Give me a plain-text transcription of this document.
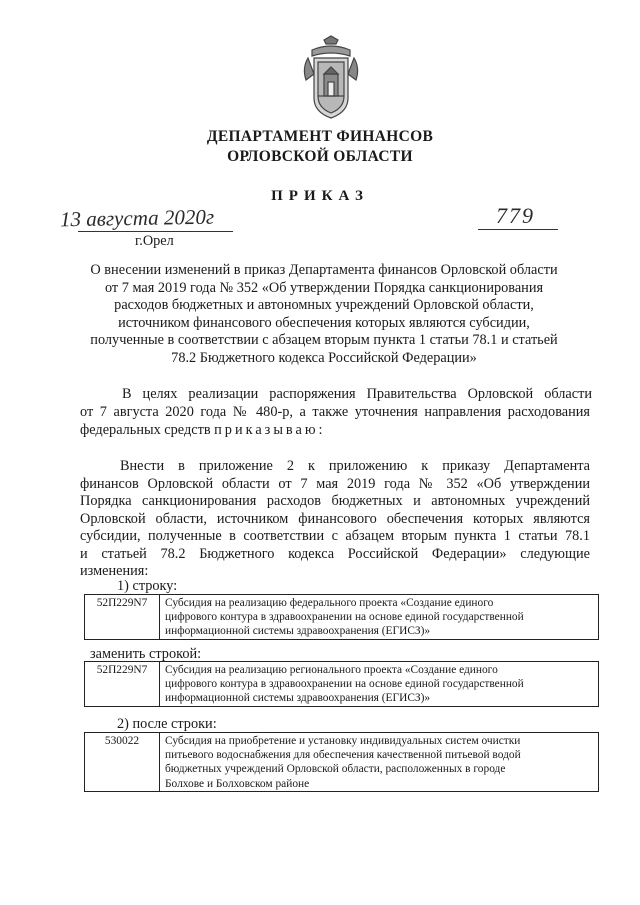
ДЕПАРТАМЕНТ ФИНАНСОВ
ОРЛОВСКОЙ ОБЛАСТИ
ПРИКАЗ
13 августа 2020г	779
г.Орел
О внесении изменений в приказ Департамента финансов Орловской области
от 7 мая 2019 года № 352 «Об утверждении Порядка санкционирования
расходов бюджетных и автономных учреждений Орловской области,
источником финансового обеспечения которых являются субсидии,
полученные в соответствии с абзацем вторым пункта 1 статьи 78.1 и статьей
78.2 Бюджетного кодекса Российской Федерации»
В целях реализации распоряжения Правительства Орловской области
от 7 августа 2020 года № 480-р, а также уточнения направления расходования
федеральных средств приказываю:
Внести в приложение 2 к приложению к приказу Департамента
финансов Орловской области от 7 мая 2019 года № 352 «Об утверждении
Порядка санкционирования расходов бюджетных и автономных учреждений
Орловской области, источником финансового обеспечения которых являются
субсидии, полученные в соответствии с абзацем вторым пункта 1 статьи 78.1
и статьей 78.2 Бюджетного кодекса Российской Федерации» следующие
изменения:
1) строку:
52П229N7	Субсидия на реализацию федерального проекта «Создание единого
цифрового контура в здравоохранении на основе единой государственной
информационной системы здравоохранения (ЕГИСЗ)»
заменить строкой:
52П229N7	Субсидия на реализацию регионального проекта «Создание единого
цифрового контура в здравоохранении на основе единой государственной
информационной системы здравоохранения (ЕГИСЗ)»
2) после строки:
530022	Субсидия на приобретение и установку индивидуальных систем очистки
питьевого водоснабжения для обеспечения качественной питьевой водой
бюджетных учреждений Орловской области, расположенных в городе
Болхове и Болховском районе
